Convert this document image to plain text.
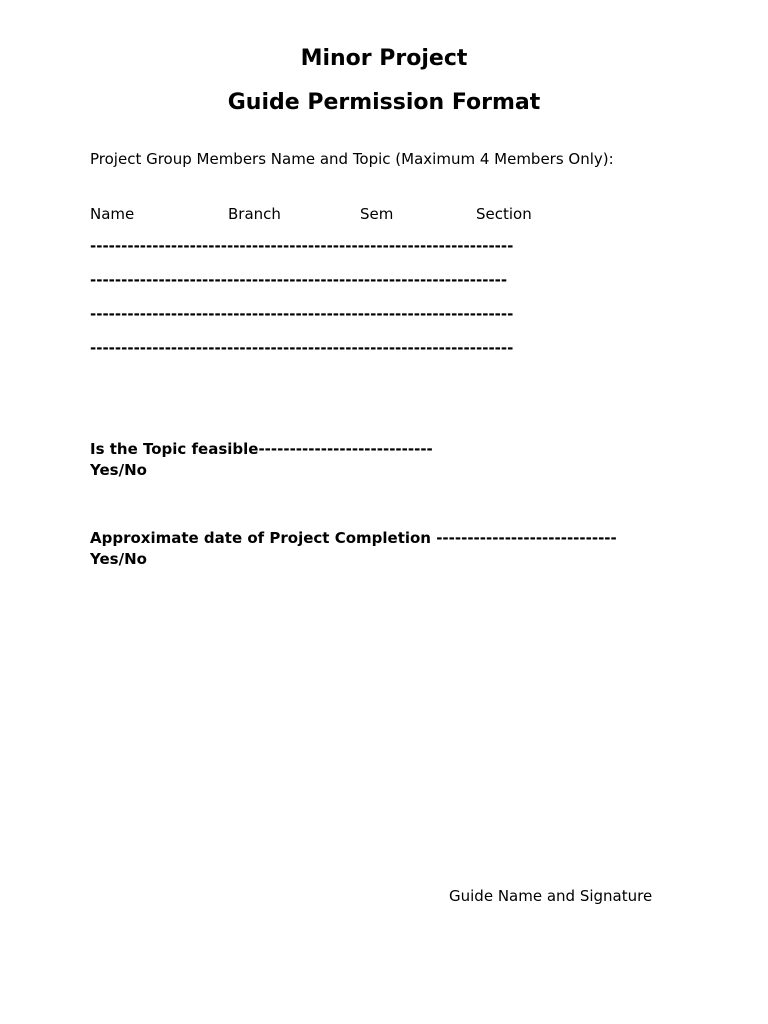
Minor Project
Guide Permission Format
Project Group Members Name and Topic (Maximum 4 Members Only):
Name	Branch	Sem	Section
--------------------------------------------------------------------
-------------------------------------------------------------------
--------------------------------------------------------------------
--------------------------------------------------------------------
Is the Topic feasible----------------------------
Yes/No
Approximate date of Project Completion -----------------------------
Yes/No
Guide Name and Signature
